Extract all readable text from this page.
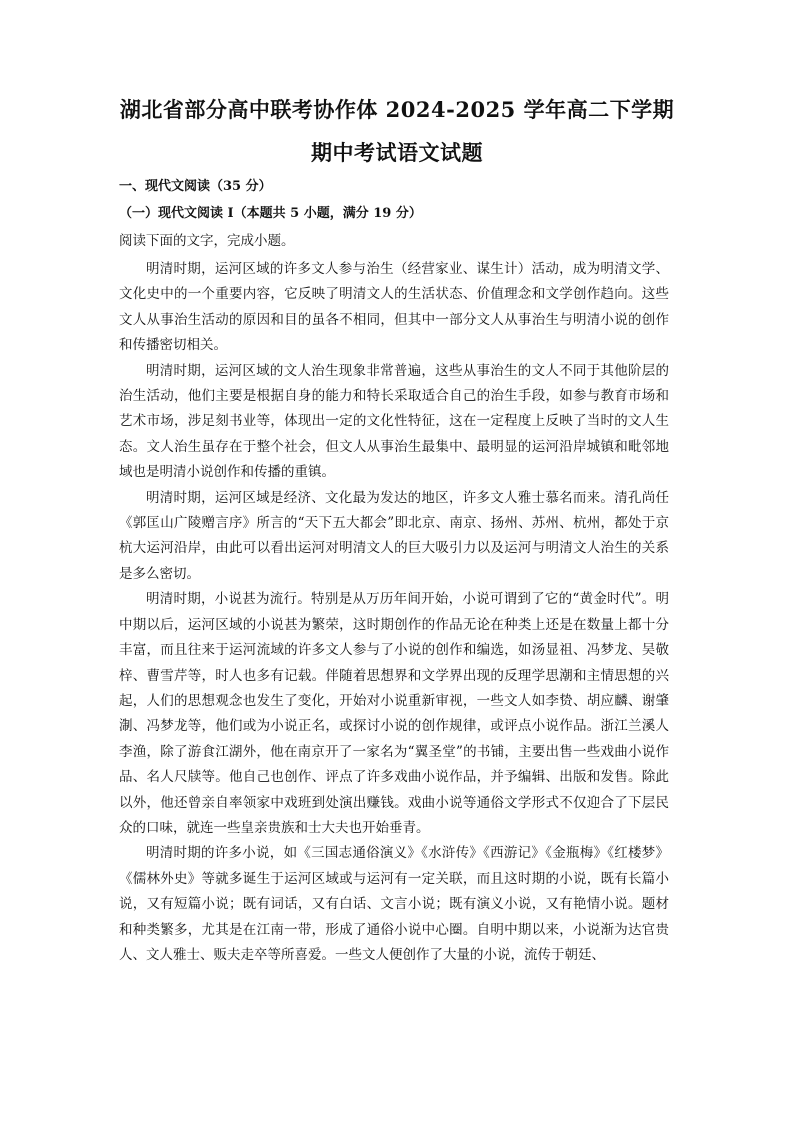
湖北省部分高中联考协作体 2024-2025 学年高二下学期
期中考试语文试题
一、现代文阅读（35 分）
（一）现代文阅读 I（本题共 5 小题，满分 19 分）
阅读下面的文字，完成小题。

明清时期，运河区域的许多文人参与治生（经营家业、谋生计）活动，成为明清文学、文化史中的一个重要内容，它反映了明清文人的生活状态、价值理念和文学创作趋向。这些文人从事治生活动的原因和目的虽各不相同，但其中一部分文人从事治生与明清小说的创作和传播密切相关。

明清时期，运河区域的文人治生现象非常普遍，这些从事治生的文人不同于其他阶层的治生活动，他们主要是根据自身的能力和特长采取适合自己的治生手段，如参与教育市场和艺术市场，涉足刻书业等，体现出一定的文化性特征，这在一定程度上反映了当时的文人生态。文人治生虽存在于整个社会，但文人从事治生最集中、最明显的运河沿岸城镇和毗邻地域也是明清小说创作和传播的重镇。

明清时期，运河区域是经济、文化最为发达的地区，许多文人雅士慕名而来。清孔尚任《郭匡山广陵赠言序》所言的“天下五大都会”即北京、南京、扬州、苏州、杭州，都处于京杭大运河沿岸，由此可以看出运河对明清文人的巨大吸引力以及运河与明清文人治生的关系是多么密切。

明清时期，小说甚为流行。特别是从万历年间开始，小说可谓到了它的“黄金时代”。明中期以后，运河区域的小说甚为繁荣，这时期创作的作品无论在种类上还是在数量上都十分丰富，而且往来于运河流域的许多文人参与了小说的创作和编选，如汤显祖、冯梦龙、吴敬梓、曹雪芹等，时人也多有记载。伴随着思想界和文学界出现的反理学思潮和主情思想的兴起，人们的思想观念也发生了变化，开始对小说重新审视，一些文人如李贽、胡应麟、谢肇淛、冯梦龙等，他们或为小说正名，或探讨小说的创作规律，或评点小说作品。浙江兰溪人李渔，除了游食江湖外，他在南京开了一家名为“翼圣堂”的书铺，主要出售一些戏曲小说作品、名人尺牍等。他自己也创作、评点了许多戏曲小说作品，并予编辑、出版和发售。除此以外，他还曾亲自率领家中戏班到处演出赚钱。戏曲小说等通俗文学形式不仅迎合了下层民众的口味，就连一些皇亲贵族和士大夫也开始垂青。

明清时期的许多小说，如《三国志通俗演义》《水浒传》《西游记》《金瓶梅》《红楼梦》《儒林外史》等就多诞生于运河区域或与运河有一定关联，而且这时期的小说，既有长篇小说，又有短篇小说；既有词话，又有白话、文言小说；既有演义小说，又有艳情小说。题材和种类繁多，尤其是在江南一带，形成了通俗小说中心圈。自明中期以来，小说渐为达官贵人、文人雅士、贩夫走卒等所喜爱。一些文人便创作了大量的小说，流传于朝廷、
